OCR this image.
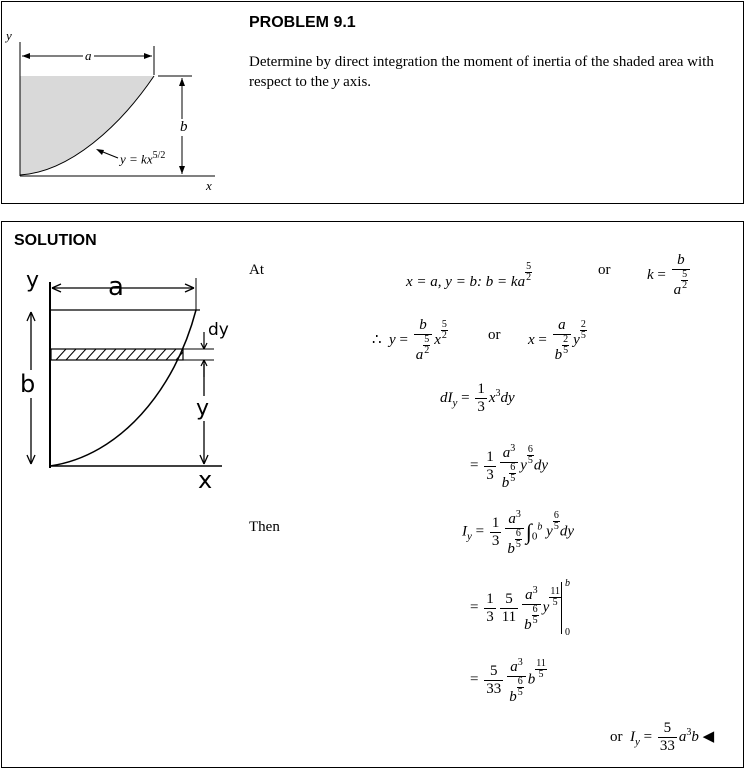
PROBLEM 9.1
Determine by direct integration the moment of inertia of the shaded area with respect to the y axis.
y
a
b
x
$y = kx^{5/2}$
SOLUTION
y	a
b
dy
y
x
At
x = a, y = b: b = ka $\frac{5}{2}$	or $k = \frac{b}{a \frac{5}{2}}$
∴ $y = \frac{b}{a \frac{5}{2}}$ x $\frac{5}{2}$	or $x = \frac{a}{b \frac{2}{5}}$ y $\frac{2}{5}$
$dI_y = \frac{1}{3} x^3dy$
= $\frac{1}{3} \frac{a^3}{b \frac{6}{5}}$ y $\frac{6}{5}$ dy
Then	$I_y = \frac{1}{3} \frac{a^3}{b \frac{6}{5}} \int_0^b$ y $\frac{6}{5}$ dy
= $\frac{1}{3} \frac{5}{11} \frac{a^3}{b \frac{6}{5}}$ y $\frac{11}{5}$
b
0
= $\frac{5}{33} \frac{a^3}{b \frac{6}{5}}$ b $\frac{11}{5}$
or $I_y = \frac{5}{33} a^3b$ ◀
